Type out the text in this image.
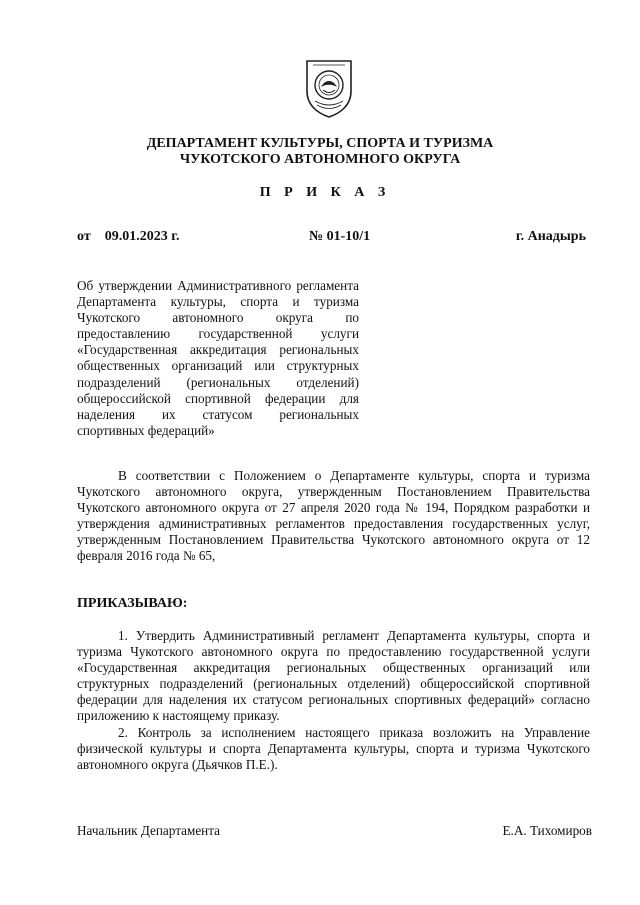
ДЕПАРТАМЕНТ КУЛЬТУРЫ, СПОРТА И ТУРИЗМА
ЧУКОТСКОГО АВТОНОМНОГО ОКРУГА
П Р И К А З
от 09.01.2023 г.	№ 01-10/1	г. Анадырь

Об утверждении Административного регламента Департамента культуры, спорта и туризма Чукотского автономного округа по предоставлению государственной услуги «Государственная аккредитация региональных общественных организаций или структурных подразделений (региональных отделений) общероссийской спортивной федерации для наделения их статусом региональных спортивных федераций»

В соответствии с Положением о Департаменте культуры, спорта и туризма Чукотского автономного округа, утвержденным Постановлением Правительства Чукотского автономного округа от 27 апреля 2020 года № 194, Порядком разработки и утверждения административных регламентов предоставления государственных услуг, утвержденным Постановлением Правительства Чукотского автономного округа от 12 февраля 2016 года № 65,

ПРИКАЗЫВАЮ:

1. Утвердить Административный регламент Департамента культуры, спорта и туризма Чукотского автономного округа по предоставлению государственной услуги «Государственная аккредитация региональных общественных организаций или структурных подразделений (региональных отделений) общероссийской спортивной федерации для наделения их статусом региональных спортивных федераций» согласно приложению к настоящему приказу.

2. Контроль за исполнением настоящего приказа возложить на Управление физической культуры и спорта Департамента культуры, спорта и туризма Чукотского автономного округа (Дьячков П.Е.).

Начальник Департамента	Е.А. Тихомиров
